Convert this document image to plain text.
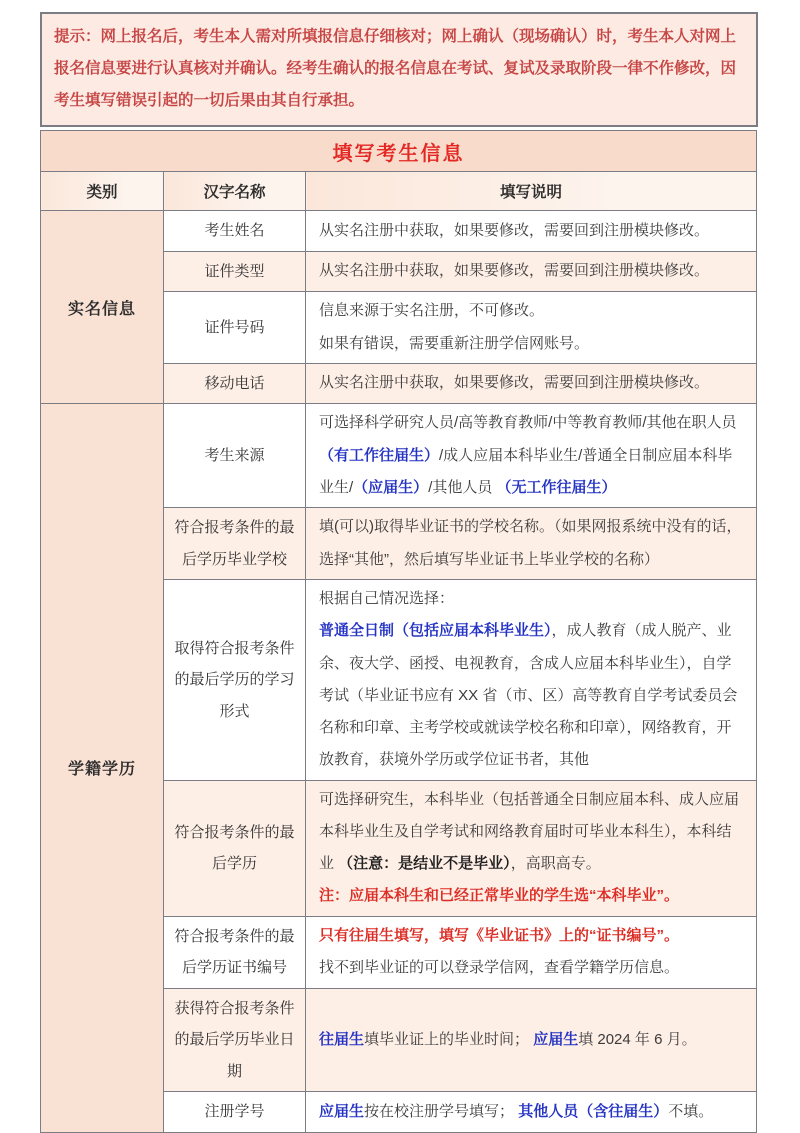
提示：网上报名后，考生本人需对所填报信息仔细核对；网上确认（现场确认）时，考生本人对网上报名信息要进行认真核对并确认。经考生确认的报名信息在考试、复试及录取阶段一律不作修改，因考生填写错误引起的一切后果由其自行承担。
填写考生信息		
类别	汉字名称	填写说明
实名信息	考生姓名	从实名注册中获取，如果要修改，需要回到注册模块修改。

	证件类型	从实名注册中获取，如果要修改，需要回到注册模块修改。

	证件号码	信息来源于实名注册，不可修改。

如果有错误，需要重新注册学信网账号。

	移动电话	从实名注册中获取，如果要修改，需要回到注册模块修改。

学籍学历	考生来源	可选择科学研究人员/高等教育教师/中等教育教师/其他在职人员 （有工作往届生）/成人应届本科毕业生/普通全日制应届本科毕业生/（应届生）/其他人员 （无工作往届生）

	符合报考条件的最后学历毕业学校	填(可以)取得毕业证书的学校名称。（如果网报系统中没有的话，选择“其他”，然后填写毕业证书上毕业学校的名称）

	取得符合报考条件的最后学历的学习形式	根据自己情况选择：

普通全日制（包括应届本科毕业生），成人教育（成人脱产、业余、夜大学、函授、电视教育，含成人应届本科毕业生），自学考试（毕业证书应有 XX 省（市、区）高等教育自学考试委员会名称和印章、主考学校或就读学校名称和印章），网络教育，开放教育，获境外学历或学位证书者，其他

	符合报考条件的最后学历	可选择研究生，本科毕业（包括普通全日制应届本科、成人应届本科毕业生及自学考试和网络教育届时可毕业本科生），本科结业 （注意：是结业不是毕业），高职高专。

注：应届本科生和已经正常毕业的学生选“本科毕业”。

	符合报考条件的最后学历证书编号	只有往届生填写，填写《毕业证书》上的“证书编号”。

找不到毕业证的可以登录学信网，查看学籍学历信息。

	获得符合报考条件的最后学历毕业日期	往届生填毕业证上的毕业时间； 应届生填 2024 年 6 月。

	注册学号	应届生按在校注册学号填写； 其他人员（含往届生）不填。
